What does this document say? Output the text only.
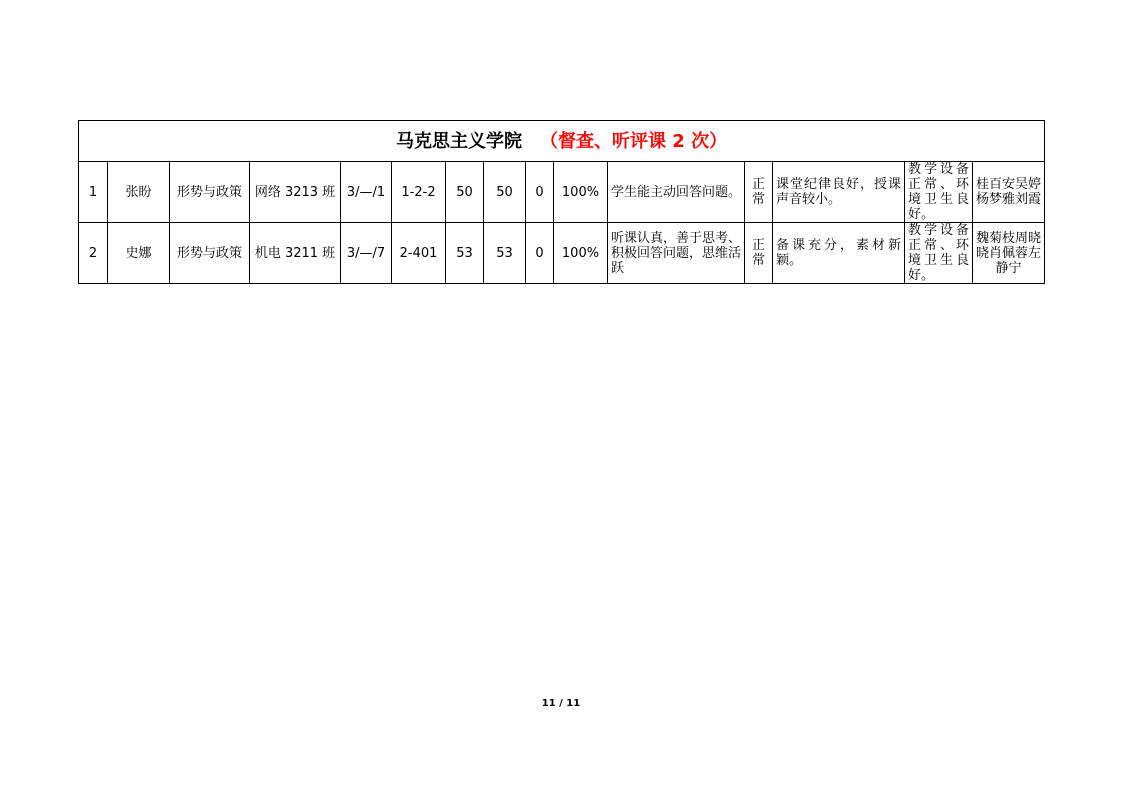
马克思主义学院 （督查、听评课 2 次）														
1	张盼	形势与政策	网络 3213 班	3/—/1	1-2-2	50	50	0	100%	学生能主动回答问题。	正常	课堂纪律良好，授课声音较小。	教学设备正常、环境卫生良好。	桂百安吴婷杨梦雅刘霞
2	史娜	形势与政策	机电 3211 班	3/—/7	2-401	53	53	0	100%	听课认真，善于思考、积极回答问题，思维活跃	正常	备课充分，素材新颖。	教学设备正常、环境卫生良好。	魏菊枝周晓晓肖佩蓉左静宁
11 / 11
